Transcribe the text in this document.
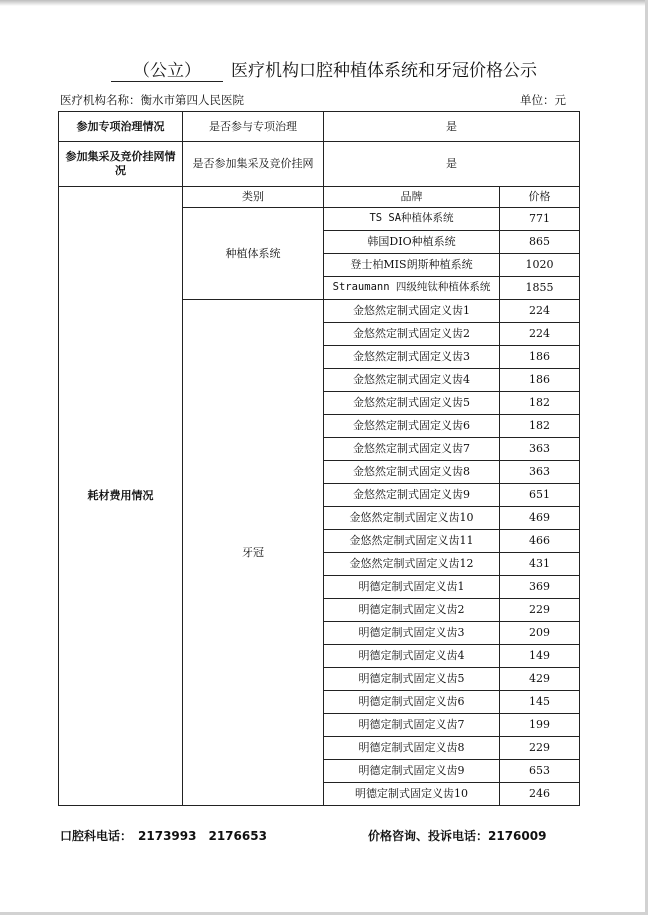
（公立） 医疗机构口腔种植体系统和牙冠价格公示
医疗机构名称：衡水市第四人民医院	单位：元
参加专项治理情况	是否参与专项治理	是	
参加集采及竞价挂网情况	是否参加集采及竞价挂网	是	
耗材费用情况	类别	品牌	价格
	种植体系统	TS SA种植体系统	771
		韩国DIO种植系统	865
		登士柏MIS朗斯种植系统	1020
		Straumann 四级纯钛种植体系统	1855
	牙冠	金悠然定制式固定义齿1	224
		金悠然定制式固定义齿2	224
		金悠然定制式固定义齿3	186
		金悠然定制式固定义齿4	186
		金悠然定制式固定义齿5	182
		金悠然定制式固定义齿6	182
		金悠然定制式固定义齿7	363
		金悠然定制式固定义齿8	363
		金悠然定制式固定义齿9	651
		金悠然定制式固定义齿10	469
		金悠然定制式固定义齿11	466
		金悠然定制式固定义齿12	431
		明德定制式固定义齿1	369
		明德定制式固定义齿2	229
		明德定制式固定义齿3	209
		明德定制式固定义齿4	149
		明德定制式固定义齿5	429
		明德定制式固定义齿6	145
		明德定制式固定义齿7	199
		明德定制式固定义齿8	229
		明德定制式固定义齿9	653
		明德定制式固定义齿10	246
口腔科电话： 2173993 2176653	价格咨询、投诉电话：2176009
